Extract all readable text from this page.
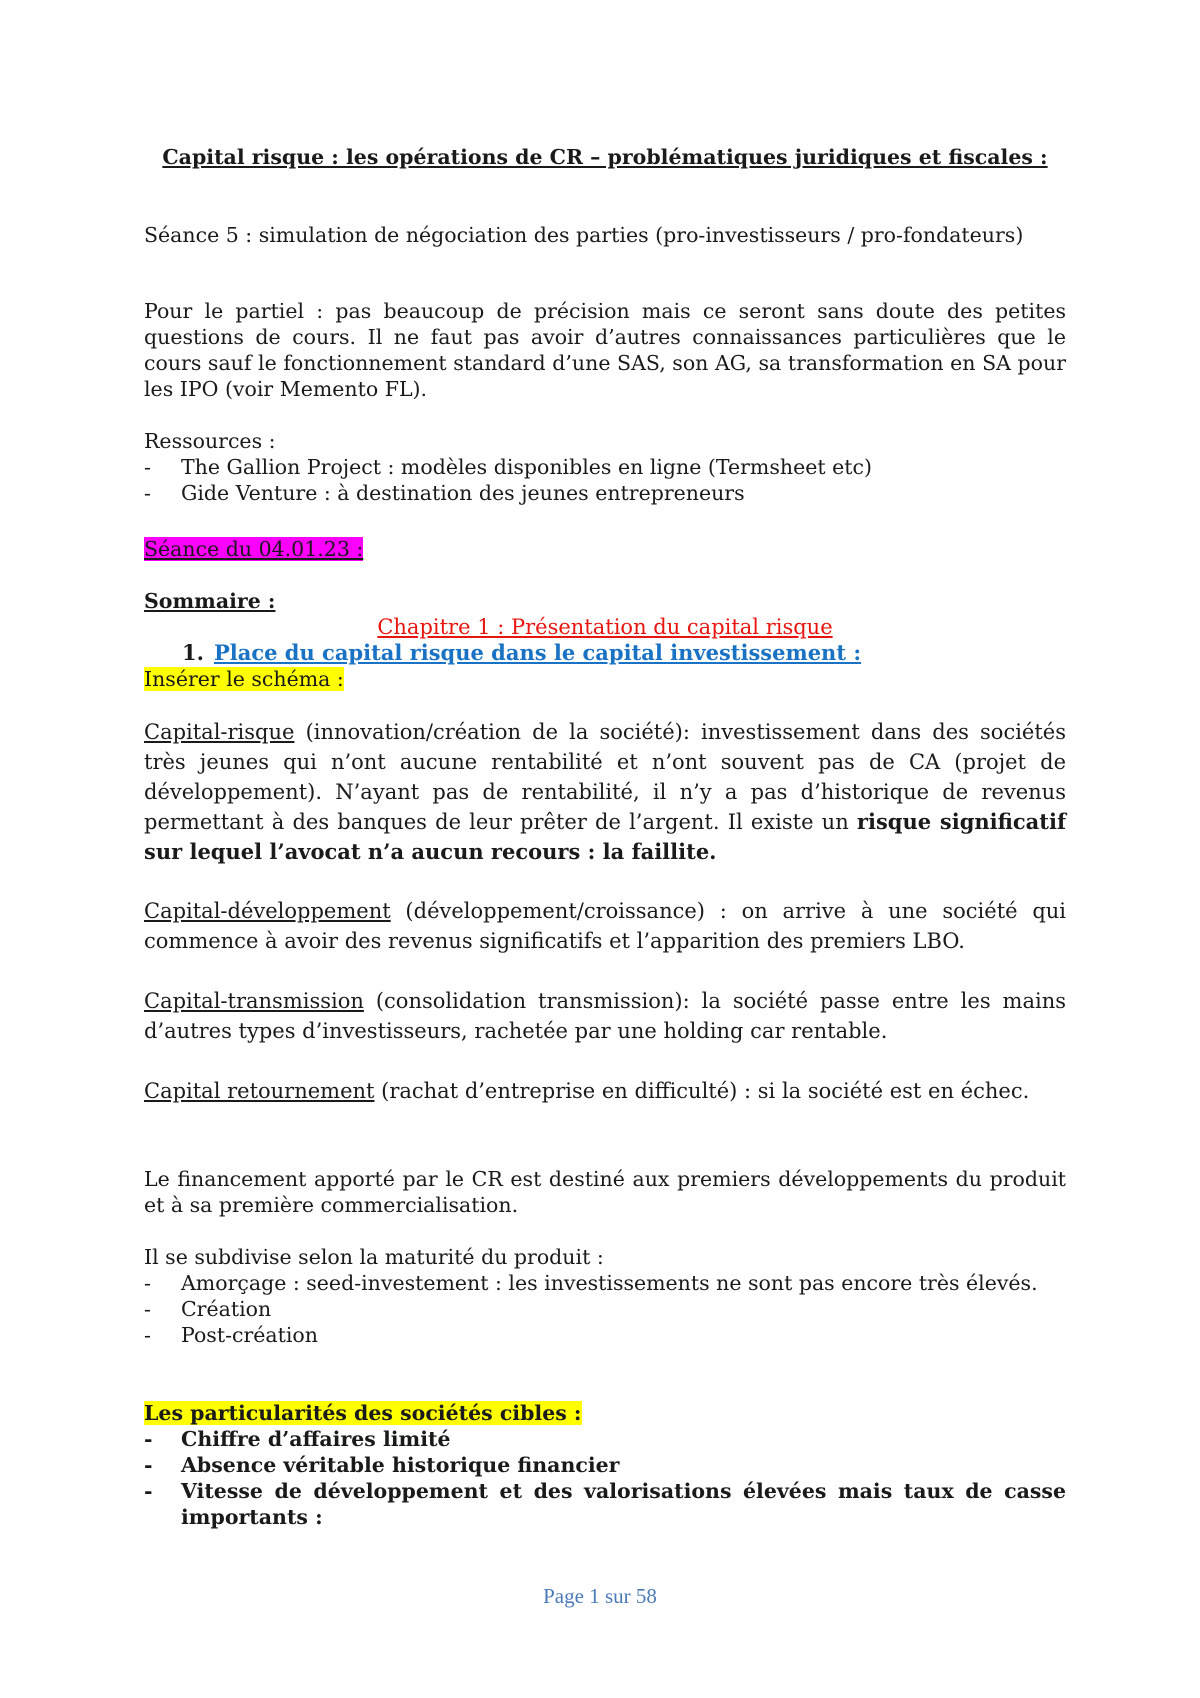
Capital risque : les opérations de CR – problématiques juridiques et fiscales :

Séance 5 : simulation de négociation des parties (pro-investisseurs / pro-fondateurs)

Pour le partiel : pas beaucoup de précision mais ce seront sans doute des petites questions de cours. Il ne faut pas avoir d’autres connaissances particulières que le cours sauf le fonctionnement standard d’une SAS, son AG, sa transformation en SA pour les IPO (voir Memento FL).

Ressources :

- The Gallion Project : modèles disponibles en ligne (Termsheet etc)
- Gide Venture : à destination des jeunes entrepreneurs

Séance du 04.01.23 :

Sommaire :

Chapitre 1 : Présentation du capital risque

1. Place du capital risque dans le capital investissement :

Insérer le schéma :

Capital-risque (innovation/création de la société): investissement dans des sociétés très jeunes qui n’ont aucune rentabilité et n’ont souvent pas de CA (projet de développement). N’ayant pas de rentabilité, il n’y a pas d’historique de revenus permettant à des banques de leur prêter de l’argent. Il existe un risque significatif sur lequel l’avocat n’a aucun recours : la faillite.

Capital-développement (développement/croissance) : on arrive à une société qui commence à avoir des revenus significatifs et l’apparition des premiers LBO.

Capital-transmission (consolidation transmission): la société passe entre les mains d’autres types d’investisseurs, rachetée par une holding car rentable.

Capital retournement (rachat d’entreprise en difficulté) : si la société est en échec.

Le financement apporté par le CR est destiné aux premiers développements du produit et à sa première commercialisation.

Il se subdivise selon la maturité du produit :

- Amorçage : seed-investement : les investissements ne sont pas encore très élevés.
- Création
- Post-création

Les particularités des sociétés cibles :

- Chiffre d’affaires limité
- Absence véritable historique financier
- Vitesse de développement et des valorisations élevées mais taux de casse importants :
Page 1 sur 58
